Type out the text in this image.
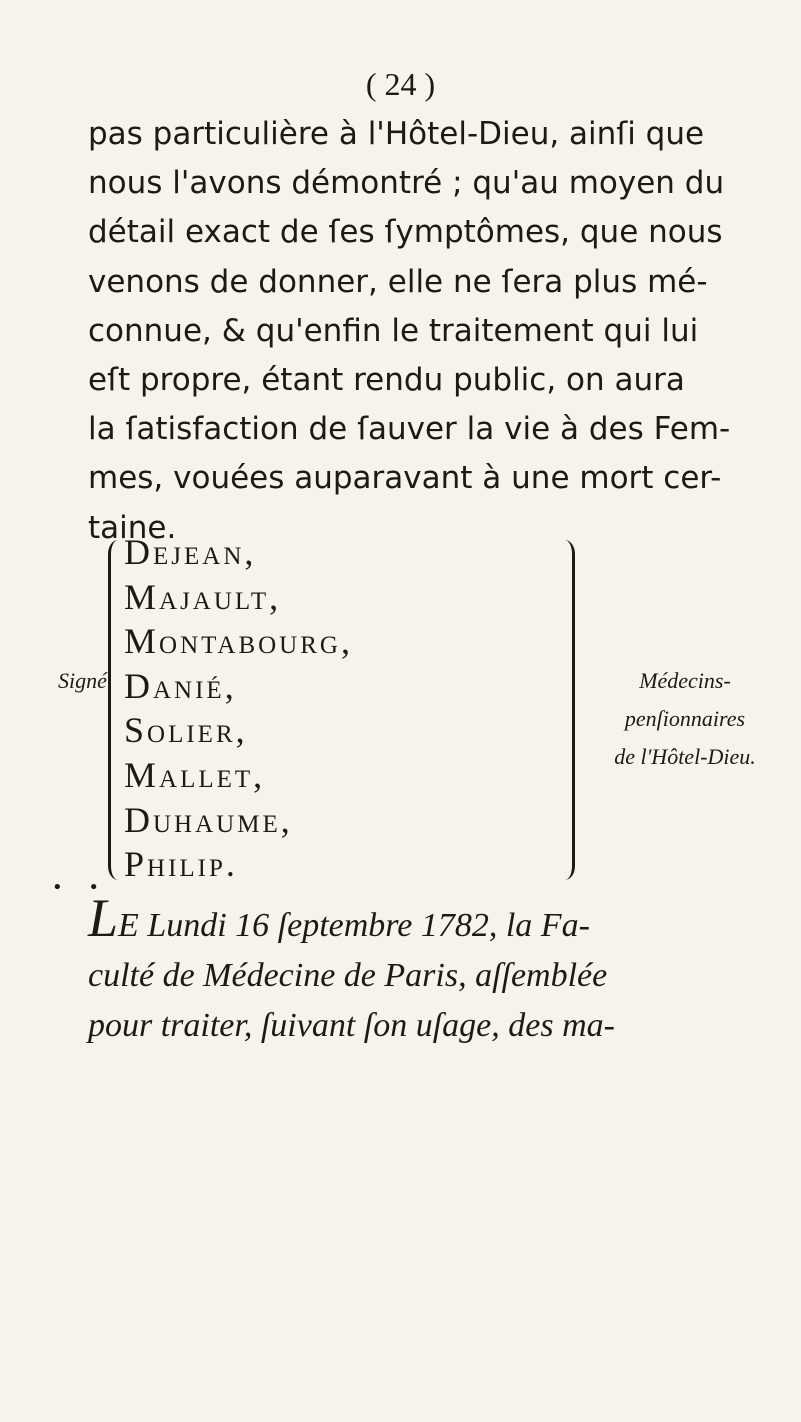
( 24 )
pas particulière à l'Hôtel-Dieu, ainſi que
nous l'avons démontré ; qu'au moyen du
détail exact de ſes ſymptômes, que nous
venons de donner, elle ne ſera plus mé-
connue, & qu'enfin le traitement qui lui
eſt propre, étant rendu public, on aura
la ſatisfaction de ſauver la vie à des Fem-
mes, vouées auparavant à une mort cer-
taine.
Signé
Dejean,
Majault,
Montabourg,
Danié,
Solier,
Mallet,
Duhaume,
Philip.
Médecins-penſionnaires
de l'Hôtel-Dieu.
• •
LE Lundi 16 ſeptembre 1782, la Fa-
culté de Médecine de Paris, aſſemblée
pour traiter, ſuivant ſon uſage, des ma-
